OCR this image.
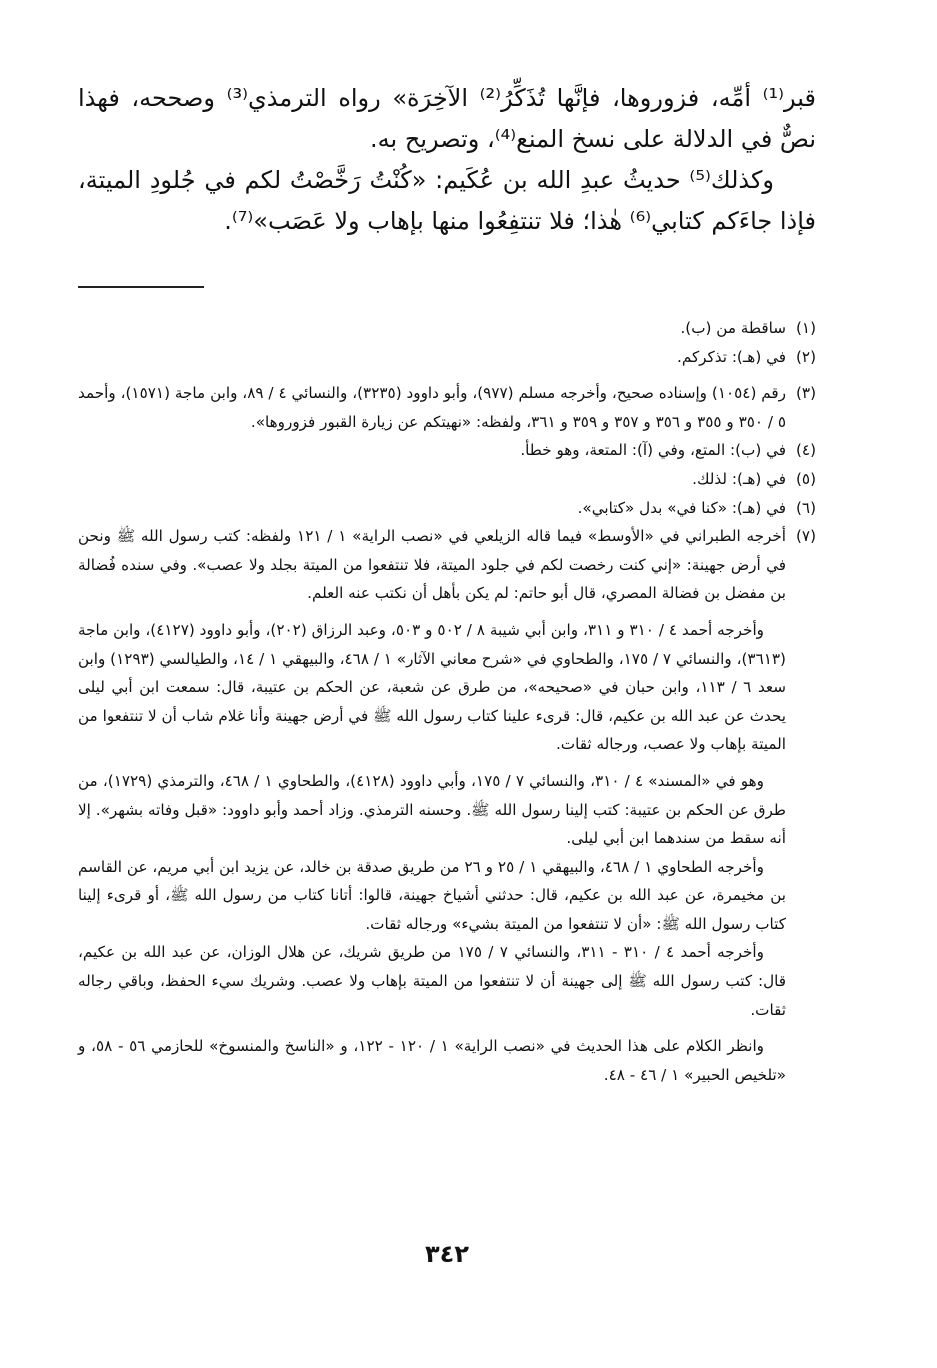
قبر⁽¹⁾ أمِّه، فزوروها، فإنَّها تُذَكِّرُ⁽²⁾ الآخِرَة» رواه الترمذي⁽³⁾ وصححه، فهذا نصٌّ في الدلالة على نسخ المنع⁽⁴⁾، وتصريح به.

وكذلك⁽⁵⁾ حديثُ عبدِ الله بن عُكَيم: «كُنْتُ رَخَّصْتُ لكم في جُلودِ الميتة، فإذا جاءَكم كتابي⁽⁶⁾ هٰذا؛ فلا تنتفِعُوا منها بإهاب ولا عَصَب»⁽⁷⁾.

(١)

ساقطة من (ب).

(٢)

في (هـ): تذكركم.

(٣)

رقم (١٠٥٤) وإسناده صحيح، وأخرجه مسلم (٩٧٧)، وأبو داوود (٣٢٣٥)، والنسائي ٤ / ٨٩، وابن ماجة (١٥٧١)، وأحمد ٥ / ٣٥٠ و ٣٥٥ و ٣٥٦ و ٣٥٧ و ٣٥٩ و ٣٦١، ولفظه: «نهيتكم عن زيارة القبور فزوروها».

(٤)

في (ب): المتع، وفي (آ): المتعة، وهو خطأ.

(٥)

في (هـ): لذلك.

(٦)

في (هـ): «كنا في» بدل «كتابي».

(٧)

أخرجه الطبراني في «الأوسط» فيما قاله الزيلعي في «نصب الراية» ١ / ١٢١ ولفظه: كتب رسول الله ﷺ ونحن في أرض جهينة: «إني كنت رخصت لكم في جلود الميتة، فلا تنتفعوا من الميتة بجلد ولا عصب». وفي سنده فُضالة بن مفضل بن فضالة المصري، قال أبو حاتم: لم يكن بأهل أن نكتب عنه العلم.

وأخرجه أحمد ٤ / ٣١٠ و ٣١١، وابن أبي شيبة ٨ / ٥٠٢ و ٥٠٣، وعبد الرزاق (٢٠٢)، وأبو داوود (٤١٢٧)، وابن ماجة (٣٦١٣)، والنسائي ٧ / ١٧٥، والطحاوي في «شرح معاني الآثار» ١ / ٤٦٨، والبيهقي ١ / ١٤، والطيالسي (١٢٩٣) وابن سعد ٦ / ١١٣، وابن حبان في «صحيحه»، من طرق عن شعبة، عن الحكم بن عتيبة، قال: سمعت ابن أبي ليلى يحدث عن عبد الله بن عكيم، قال: قرىء علينا كتاب رسول الله ﷺ في أرض جهينة وأنا غلام شاب أن لا تنتفعوا من الميتة بإهاب ولا عصب، ورجاله ثقات.

وهو في «المسند» ٤ / ٣١٠، والنسائي ٧ / ١٧٥، وأبي داوود (٤١٢٨)، والطحاوي ١ / ٤٦٨، والترمذي (١٧٢٩)، من طرق عن الحكم بن عتيبة: كتب إلينا رسول الله ﷺ. وحسنه الترمذي. وزاد أحمد وأبو داوود: «قبل وفاته بشهر». إلا أنه سقط من سندهما ابن أبي ليلى.

وأخرجه الطحاوي ١ / ٤٦٨، والبيهقي ١ / ٢٥ و ٢٦ من طريق صدقة بن خالد، عن يزيد ابن أبي مريم، عن القاسم بن مخيمرة، عن عبد الله بن عكيم، قال: حدثني أشياخ جهينة، قالوا: أتانا كتاب من رسول الله ﷺ، أو قرىء إلينا كتاب رسول الله ﷺ: «أن لا تنتفعوا من الميتة بشيء» ورجاله ثقات.

وأخرجه أحمد ٤ / ٣١٠ - ٣١١، والنسائي ٧ / ١٧٥ من طريق شريك، عن هلال الوزان، عن عبد الله بن عكيم، قال: كتب رسول الله ﷺ إلى جهينة أن لا تنتفعوا من الميتة بإهاب ولا عصب. وشريك سيء الحفظ، وباقي رجاله ثقات.

وانظر الكلام على هذا الحديث في «نصب الراية» ١ / ١٢٠ - ١٢٢، و «الناسخ والمنسوخ» للحازمي ٥٦ - ٥٨، و «تلخيص الحبير» ١ / ٤٦ - ٤٨.

٣٤٢
